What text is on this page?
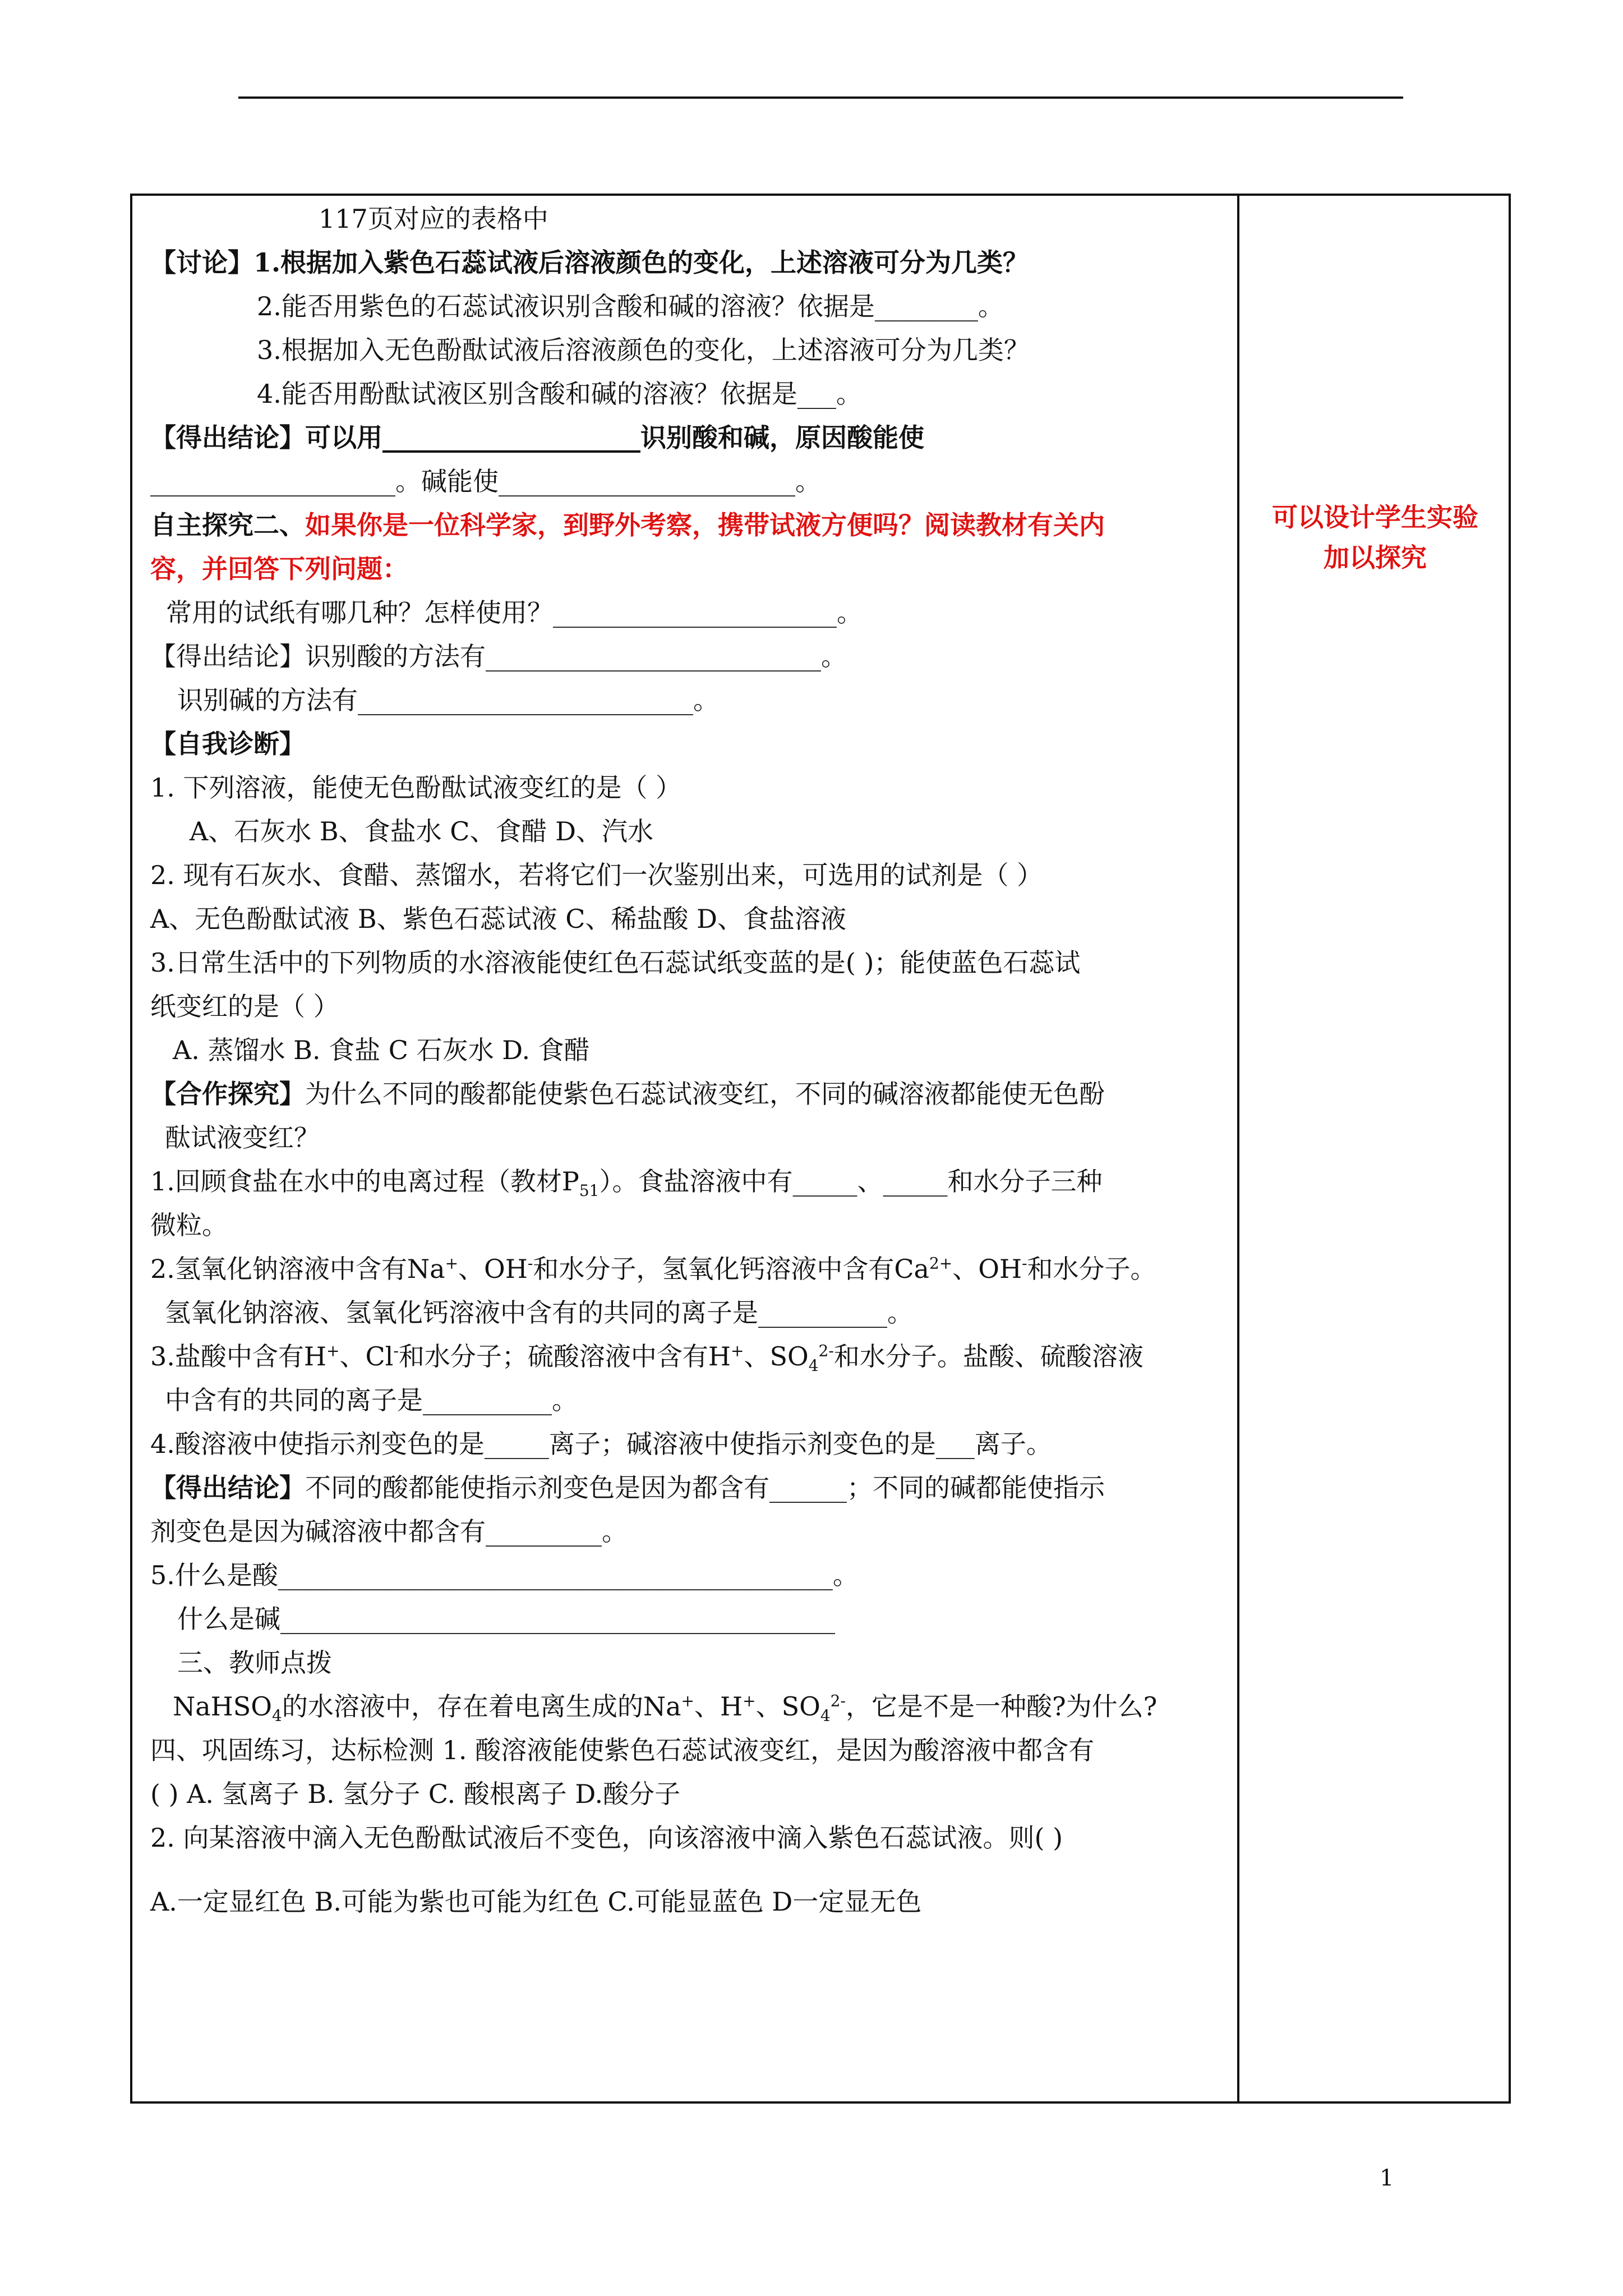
可以设计学生实验
加以探究
117页对应的表格中
【讨论】1.根据加入紫色石蕊试液后溶液颜色的变化，上述溶液可分为几类？
2.能否用紫色的石蕊试液识别含酸和碱的溶液？依据是________。
3.根据加入无色酚酞试液后溶液颜色的变化，上述溶液可分为几类？
4.能否用酚酞试液区别含酸和碱的溶液？依据是___。
【得出结论】可以用____________________识别酸和碱，原因酸能使
___________________。碱能使_______________________。
自主探究二、如果你是一位科学家，到野外考察，携带试液方便吗？阅读教材有关内
容，并回答下列问题：
常用的试纸有哪几种？怎样使用？______________________。
【得出结论】识别酸的方法有__________________________。
识别碱的方法有__________________________。
【自我诊断】
1. 下列溶液，能使无色酚酞试液变红的是（ ）
A、石灰水 B、食盐水 C、食醋 D、汽水
2. 现有石灰水、食醋、蒸馏水，若将它们一次鉴别出来，可选用的试剂是（ ）
A、无色酚酞试液 B、紫色石蕊试液 C、稀盐酸 D、食盐溶液
3.日常生活中的下列物质的水溶液能使红色石蕊试纸变蓝的是( )；能使蓝色石蕊试
纸变红的是（ ）
A. 蒸馏水 B. 食盐 C 石灰水 D. 食醋
【合作探究】为什么不同的酸都能使紫色石蕊试液变红，不同的碱溶液都能使无色酚
酞试液变红？
1.回顾食盐在水中的电离过程（教材$P_{51}$）。食盐溶液中有_____、_____和水分子三种
微粒。
2.氢氧化钠溶液中含有Na+、OH-和水分子，氢氧化钙溶液中含有$Ca^{2+}$、OH-和水分子。
氢氧化钠溶液、氢氧化钙溶液中含有的共同的离子是__________。
3.盐酸中含有H+、Cl-和水分子；硫酸溶液中含有H+、$SO_4^{2-}$和水分子。盐酸、硫酸溶液
中含有的共同的离子是__________。
4.酸溶液中使指示剂变色的是_____离子；碱溶液中使指示剂变色的是___离子。
【得出结论】不同的酸都能使指示剂变色是因为都含有______；不同的碱都能使指示
剂变色是因为碱溶液中都含有_________。
5.什么是酸___________________________________________。
什么是碱___________________________________________
三、教师点拨
NaHSO$_4$的水溶液中，存在着电离生成的Na+、H+、$SO_4^{2-}$，它是不是一种酸?为什么?
四、巩固练习，达标检测 1. 酸溶液能使紫色石蕊试液变红，是因为酸溶液中都含有
( ) A. 氢离子 B. 氢分子 C. 酸根离子 D.酸分子
2. 向某溶液中滴入无色酚酞试液后不变色，向该溶液中滴入紫色石蕊试液。则( )
A.一定显红色 B.可能为紫也可能为红色 C.可能显蓝色 D一定显无色
1
